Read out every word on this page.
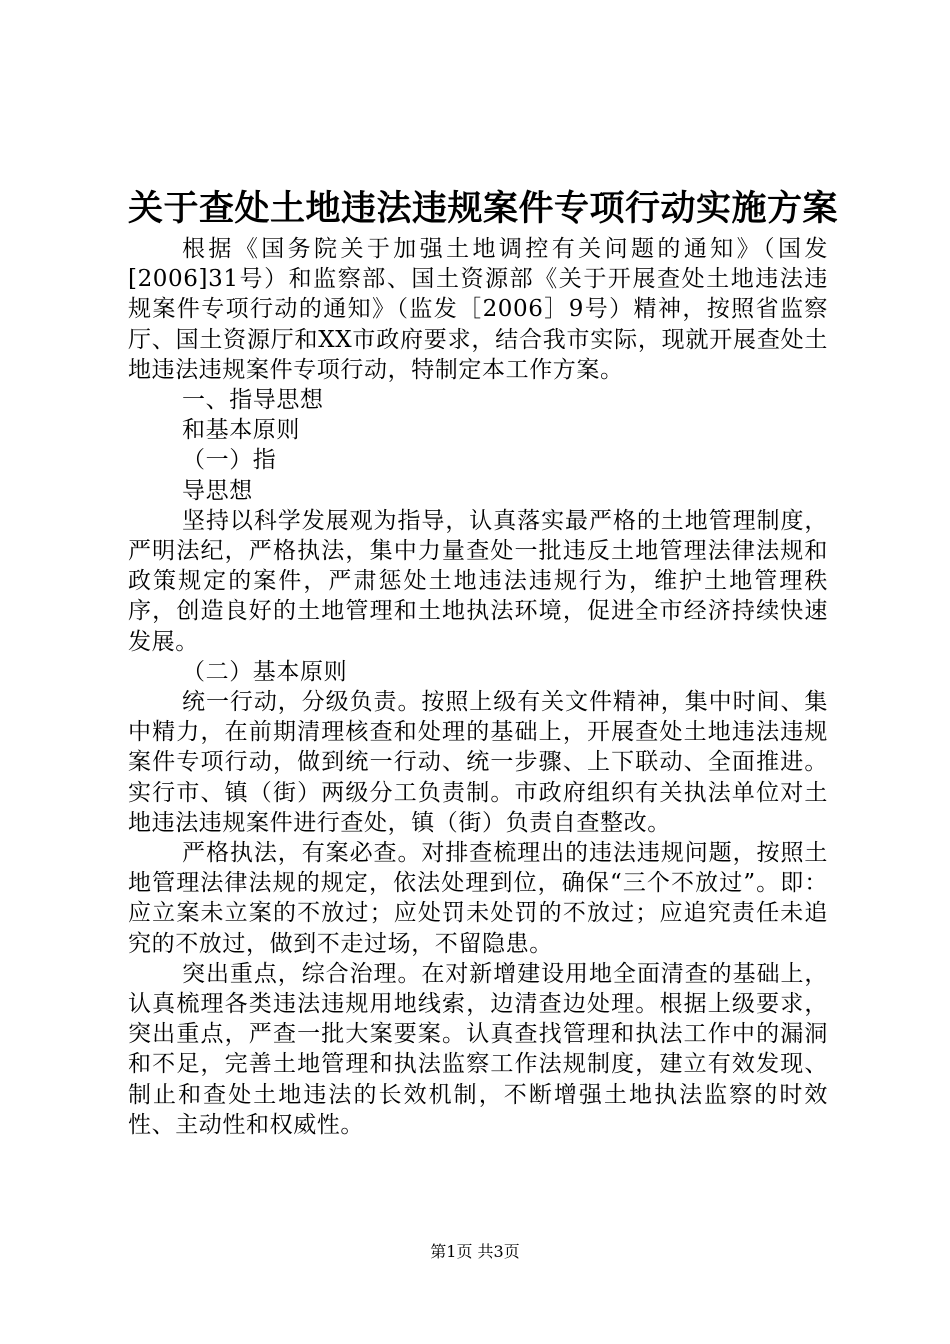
关于查处土地违法违规案件专项行动实施方案

根据《国务院关于加强土地调控有关问题的通知》（国发[2006]31号）和监察部、国土资源部《关于开展查处土地违法违规案件专项行动的通知》（监发［2006］9号）精神，按照省监察厅、国土资源厅和XX市政府要求，结合我市实际，现就开展查处土地违法违规案件专项行动，特制定本工作方案。

一、指导思想

和基本原则

（一）指

导思想

坚持以科学发展观为指导，认真落实最严格的土地管理制度，严明法纪，严格执法，集中力量查处一批违反土地管理法律法规和政策规定的案件，严肃惩处土地违法违规行为，维护土地管理秩序，创造良好的土地管理和土地执法环境，促进全市经济持续快速发展。

（二）基本原则

统一行动，分级负责。按照上级有关文件精神，集中时间、集中精力，在前期清理核查和处理的基础上，开展查处土地违法违规案件专项行动，做到统一行动、统一步骤、上下联动、全面推进。实行市、镇（街）两级分工负责制。市政府组织有关执法单位对土地违法违规案件进行查处，镇（街）负责自查整改。

严格执法，有案必查。对排查梳理出的违法违规问题，按照土地管理法律法规的规定，依法处理到位，确保“三个不放过”。即：应立案未立案的不放过；应处罚未处罚的不放过；应追究责任未追究的不放过，做到不走过场，不留隐患。

突出重点，综合治理。在对新增建设用地全面清查的基础上，认真梳理各类违法违规用地线索，边清查边处理。根据上级要求，突出重点，严查一批大案要案。认真查找管理和执法工作中的漏洞和不足，完善土地管理和执法监察工作法规制度，建立有效发现、制止和查处土地违法的长效机制，不断增强土地执法监察的时效性、主动性和权威性。

第1页 共3页
